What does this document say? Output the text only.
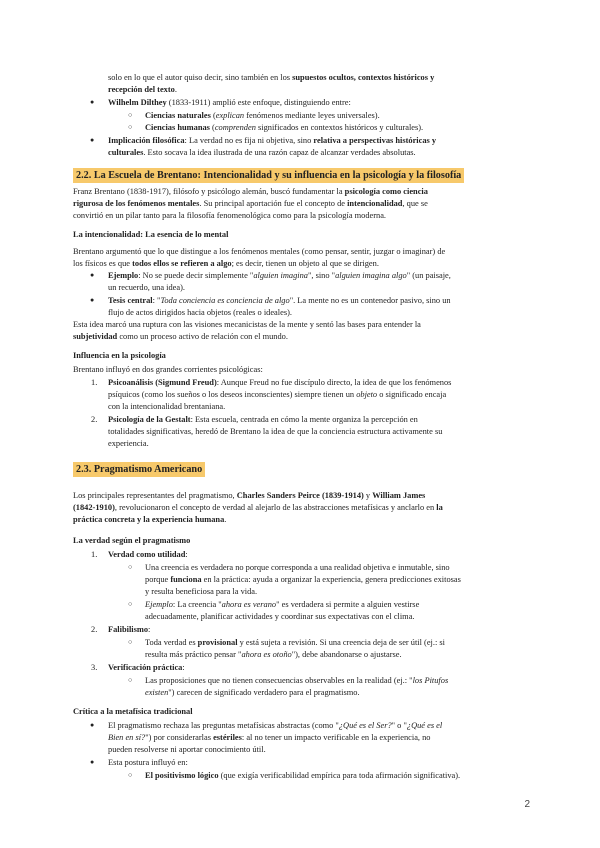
solo en lo que el autor quiso decir, sino también en los supuestos ocultos, contextos históricos y
recepción del texto.
Wilhelm Dilthey (1833-1911) amplió este enfoque, distinguiendo entre:
●
Ciencias naturales (explican fenómenos mediante leyes universales).
○
Ciencias humanas (comprenden significados en contextos históricos y culturales).
○
Implicación filosófica: La verdad no es fija ni objetiva, sino relativa a perspectivas históricas y
●
culturales. Esto socava la idea ilustrada de una razón capaz de alcanzar verdades absolutas.
2.2. La Escuela de Brentano: Intencionalidad y su influencia en la psicología y la filosofía
Franz Brentano (1838-1917), filósofo y psicólogo alemán, buscó fundamentar la psicología como ciencia
rigurosa de los fenómenos mentales. Su principal aportación fue el concepto de intencionalidad, que se
convirtió en un pilar tanto para la filosofía fenomenológica como para la psicología moderna.
La intencionalidad: La esencia de lo mental
Brentano argumentó que lo que distingue a los fenómenos mentales (como pensar, sentir, juzgar o imaginar) de
los físicos es que todos ellos se refieren a algo; es decir, tienen un objeto al que se dirigen.
Ejemplo: No se puede decir simplemente "alguien imagina", sino "alguien imagina algo" (un paisaje,
●
un recuerdo, una idea).
Tesis central: "Toda conciencia es conciencia de algo". La mente no es un contenedor pasivo, sino un
●
flujo de actos dirigidos hacia objetos (reales o ideales).
Esta idea marcó una ruptura con las visiones mecanicistas de la mente y sentó las bases para entender la
subjetividad como un proceso activo de relación con el mundo.
Influencia en la psicología
Brentano influyó en dos grandes corrientes psicológicas:
Psicoanálisis (Sigmund Freud): Aunque Freud no fue discípulo directo, la idea de que los fenómenos
1.
psíquicos (como los sueños o los deseos inconscientes) siempre tienen un objeto o significado encaja
con la intencionalidad brentaniana.
Psicología de la Gestalt: Esta escuela, centrada en cómo la mente organiza la percepción en
2.
totalidades significativas, heredó de Brentano la idea de que la conciencia estructura activamente su
experiencia.
2.3. Pragmatismo Americano
Los principales representantes del pragmatismo, Charles Sanders Peirce (1839-1914) y William James
(1842-1910), revolucionaron el concepto de verdad al alejarlo de las abstracciones metafísicas y anclarlo en la
práctica concreta y la experiencia humana.
La verdad según el pragmatismo
Verdad como utilidad:
1.
Una creencia es verdadera no porque corresponda a una realidad objetiva e inmutable, sino
○
porque funciona en la práctica: ayuda a organizar la experiencia, genera predicciones exitosas
y resulta beneficiosa para la vida.
Ejemplo: La creencia "ahora es verano" es verdadera si permite a alguien vestirse
○
adecuadamente, planificar actividades y coordinar sus expectativas con el clima.
Falibilismo:
2.
Toda verdad es provisional y está sujeta a revisión. Si una creencia deja de ser útil (ej.: si
○
resulta más práctico pensar "ahora es otoño"), debe abandonarse o ajustarse.
Verificación práctica:
3.
Las proposiciones que no tienen consecuencias observables en la realidad (ej.: "los Pitufos
○
existen") carecen de significado verdadero para el pragmatismo.
Crítica a la metafísica tradicional
El pragmatismo rechaza las preguntas metafísicas abstractas (como "¿Qué es el Ser?" o "¿Qué es el
●
Bien en sí?") por considerarlas estériles: al no tener un impacto verificable en la experiencia, no
pueden resolverse ni aportar conocimiento útil.
Esta postura influyó en:
●
El positivismo lógico (que exigía verificabilidad empírica para toda afirmación significativa).
○
2
